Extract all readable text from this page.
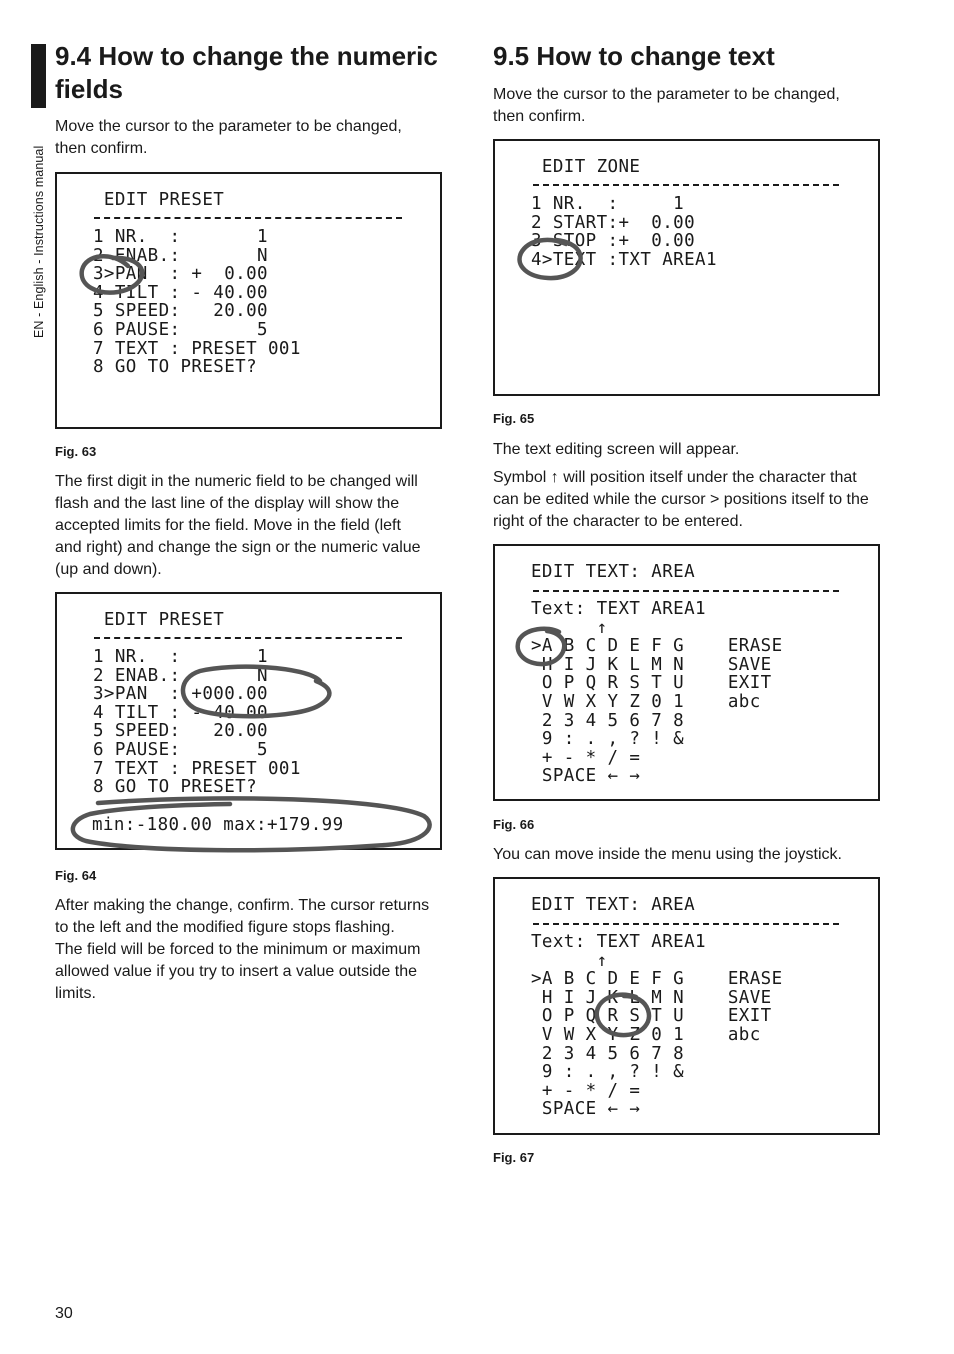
EN - English - Instructions manual
9.4 How to change the numeric
fields

Move the cursor to the parameter to be changed,

then confirm.

EDIT PRESET
1 NR.  :       1
2 ENAB.:       N
3>PAN  : +  0.00
4 TILT : - 40.00
5 SPEED:   20.00
6 PAUSE:       5
7 TEXT : PRESET 001
8 GO TO PRESET?
Fig. 63

The first digit in the numeric field to be changed will

flash and the last line of the display will show the

accepted limits for the field. Move in the field (left

and right) and change the sign or the numeric value

(up and down).

EDIT PRESET
1 NR.  :       1
2 ENAB.:       N
3>PAN  : +000.00
4 TILT : - 40.00
5 SPEED:   20.00
6 PAUSE:       5
7 TEXT : PRESET 001
8 GO TO PRESET?
min:-180.00 max:+179.99
Fig. 64

After making the change, confirm. The cursor returns

to the left and the modified figure stops flashing.

The field will be forced to the minimum or maximum

allowed value if you try to insert a value outside the

limits.

9.5 How to change text

Move the cursor to the parameter to be changed,

then confirm.

EDIT ZONE
1 NR.  :     1
2 START:+  0.00
3 STOP :+  0.00
4>TEXT :TXT AREA1
Fig. 65

The text editing screen will appear.

Symbol ↑ will position itself under the character that

can be edited while the cursor > positions itself to the

right of the character to be entered.

EDIT TEXT: AREA
Text: TEXT AREA1
↑
>A B C D E F G    ERASE
H I J K L M N    SAVE
O P Q R S T U    EXIT
V W X Y Z 0 1    abc
2 3 4 5 6 7 8
9 : . , ? ! &
+ - * / =
SPACE ← →
Fig. 66

You can move inside the menu using the joystick.

EDIT TEXT: AREA
Text: TEXT AREA1
↑
>A B C D E F G    ERASE
H I J K L M N    SAVE
O P Q R S T U    EXIT
V W X Y Z 0 1    abc
2 3 4 5 6 7 8
9 : . , ? ! &
+ - * / =
SPACE ← →
Fig. 67
30
